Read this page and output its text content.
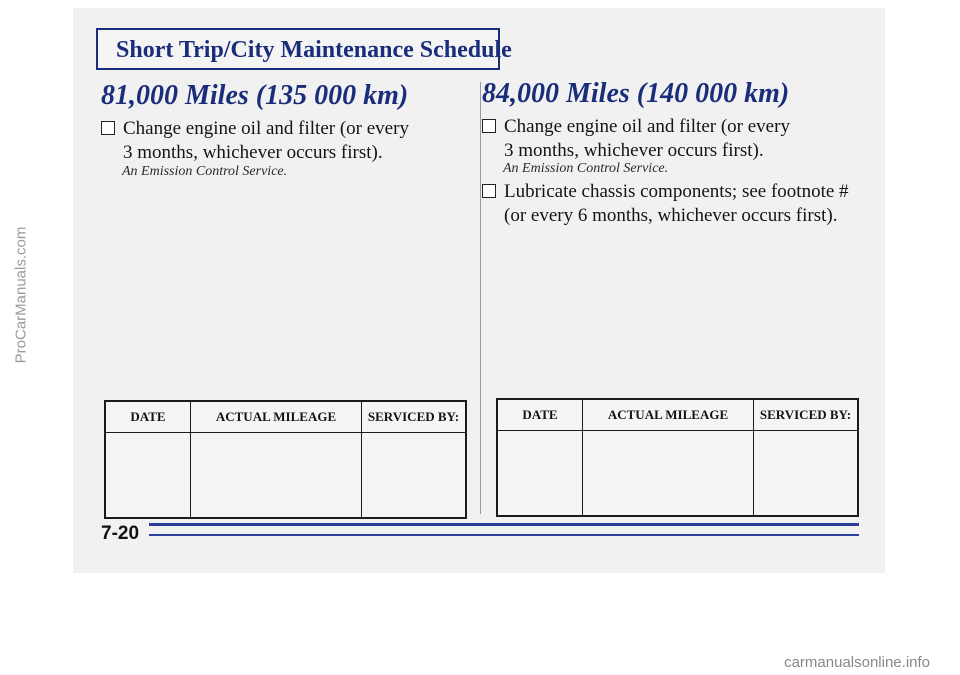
ProCarManuals.com
Short Trip/City Maintenance Schedule
81,000 Miles (135 000 km)
Change engine oil and filter (or every
3 months, whichever occurs first).
An Emission Control Service.
84,000 Miles (140 000 km)
Change engine oil and filter (or every
3 months, whichever occurs first).
An Emission Control Service.
Lubricate chassis components; see footnote #
(or every 6 months, whichever occurs first).
DATE	ACTUAL MILEAGE	SERVICED BY:
			DATE	ACTUAL MILEAGE	SERVICED BY:

7-20
carmanualsonline.info
